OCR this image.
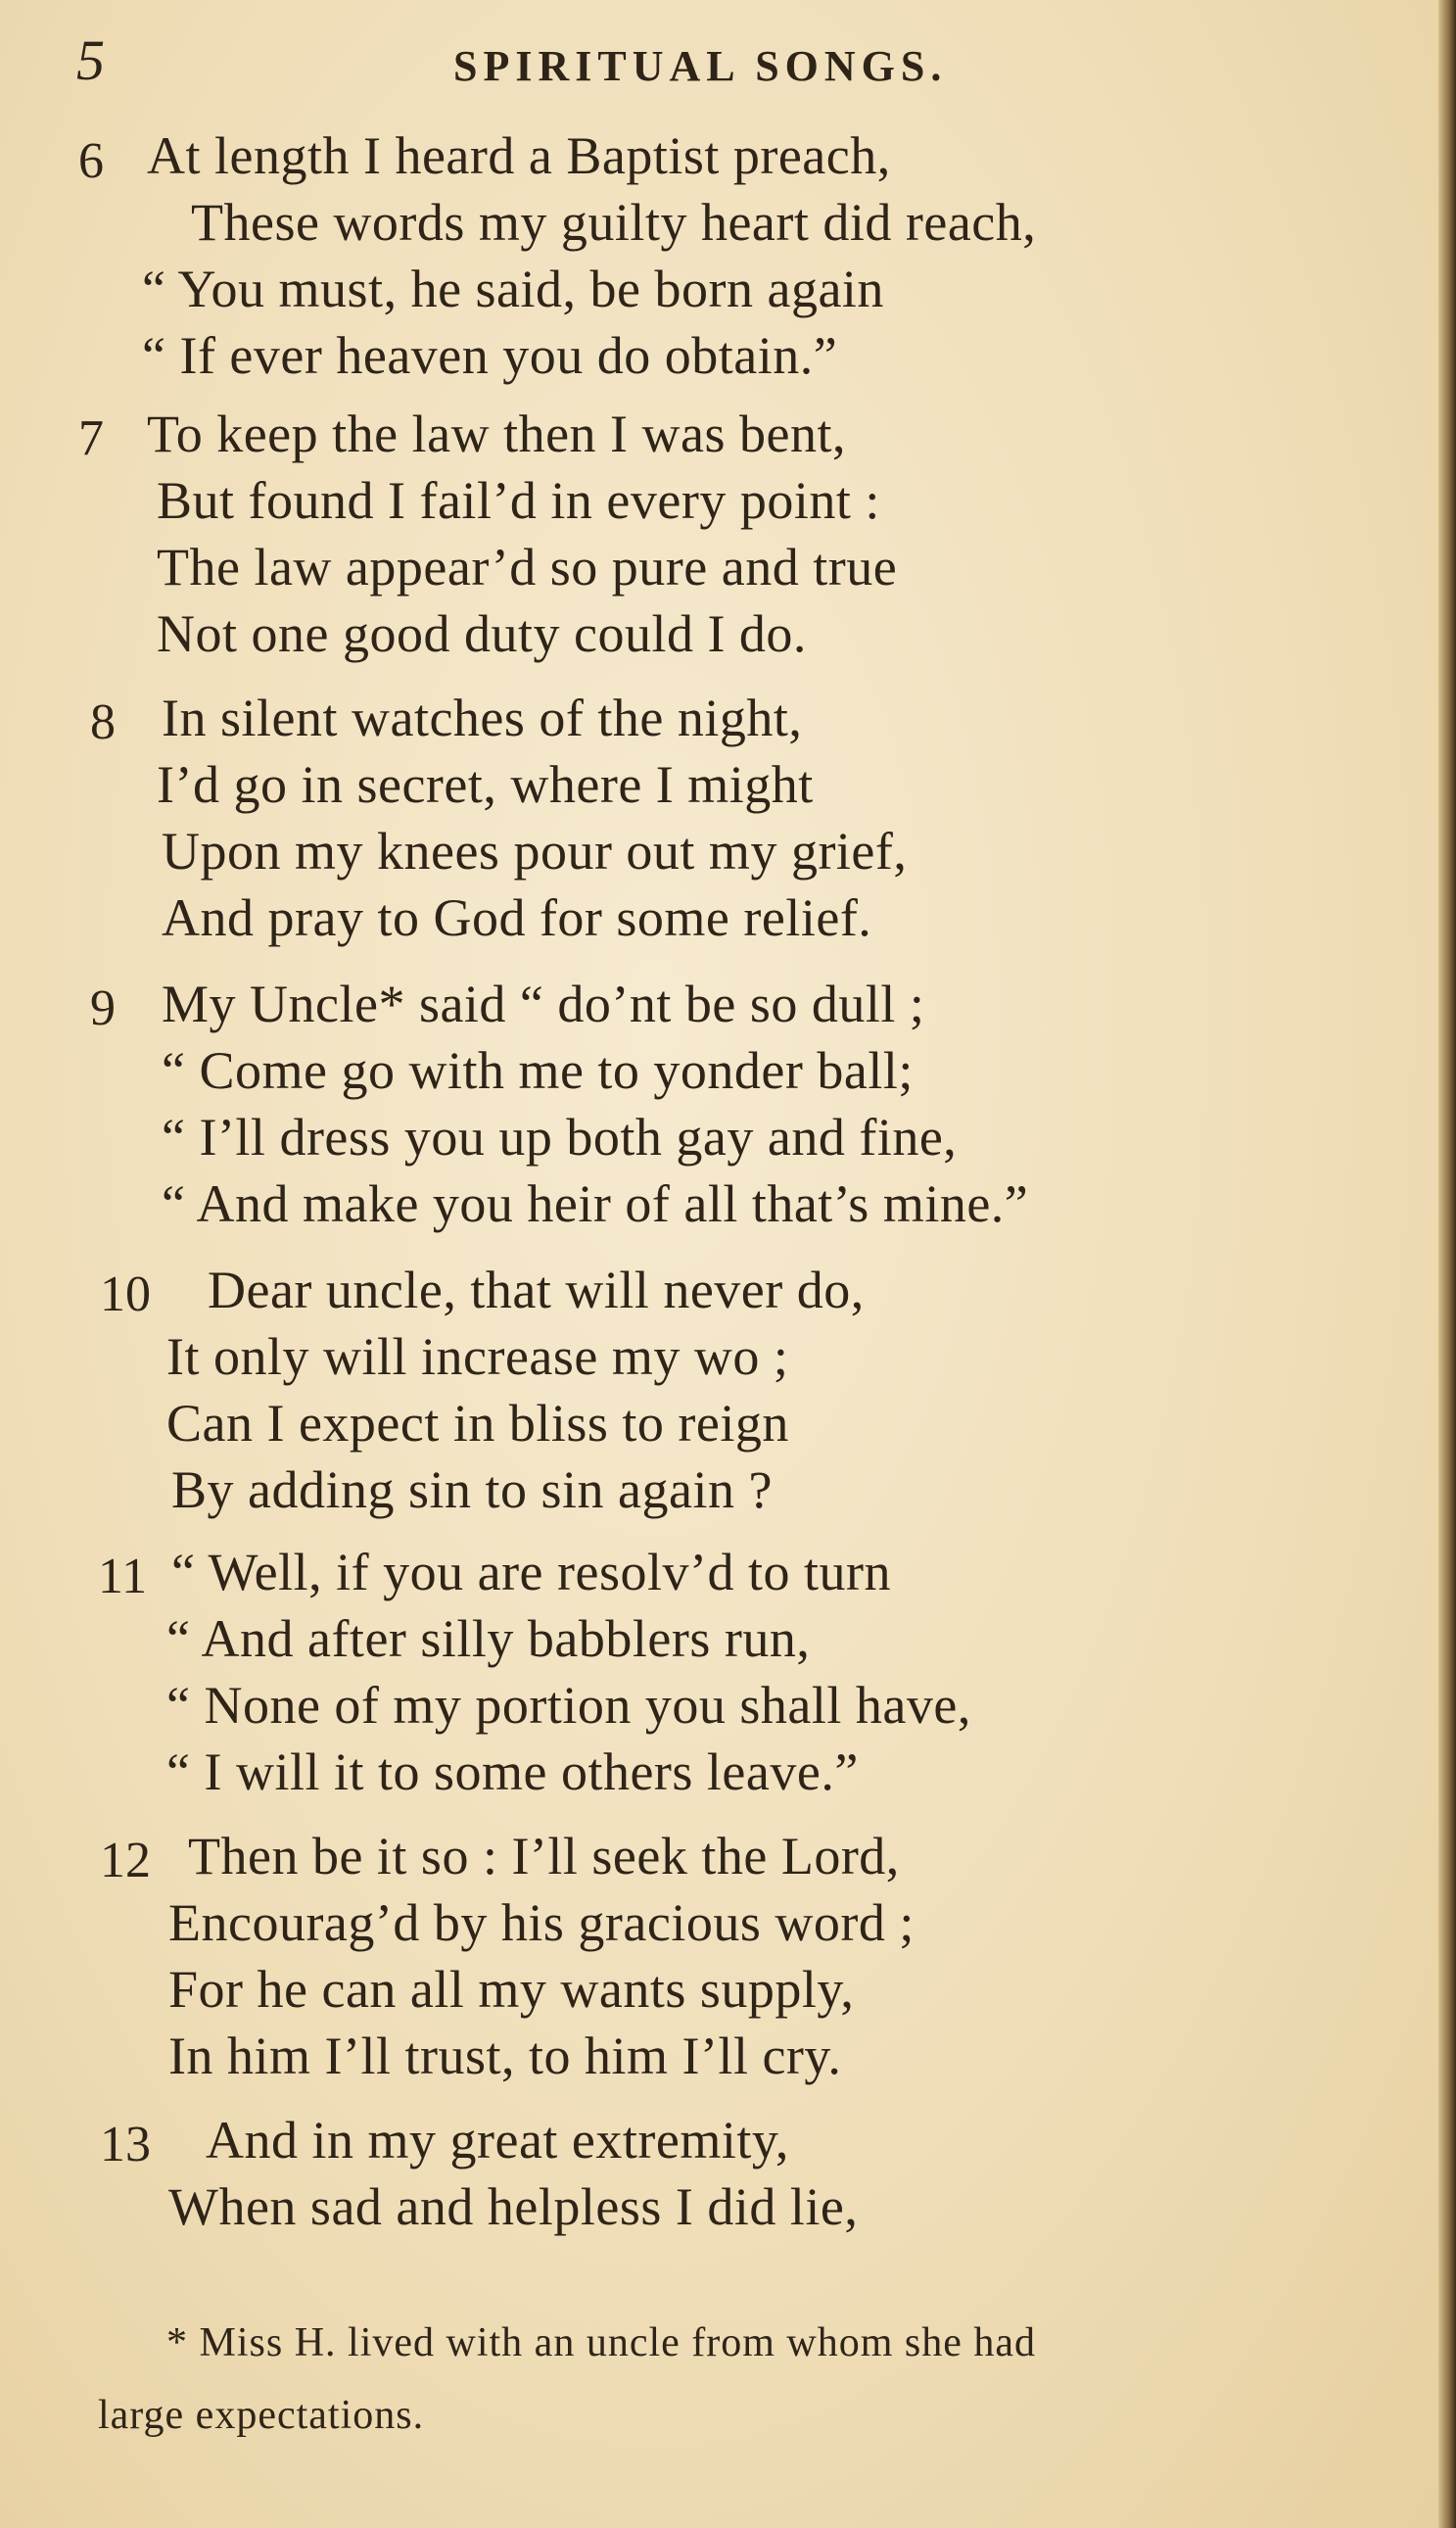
5	SPIRITUAL SONGS.
6 At length I heard a Baptist preach,
These words my guilty heart did reach,
“ You must, he said, be born again
“ If ever heaven you do obtain.”
7 To keep the law then I was bent,
But found I fail’d in every point :
The law appear’d so pure and true
Not one good duty could I do.
8 In silent watches of the night,
I’d go in secret, where I might
Upon my knees pour out my grief,
And pray to God for some relief.
9 My Uncle* said “ do’nt be so dull ;
“ Come go with me to yonder ball;
“ I’ll dress you up both gay and fine,
“ And make you heir of all that’s mine.”
10 Dear uncle, that will never do,
It only will increase my wo ;
Can I expect in bliss to reign
By adding sin to sin again ?
11 “ Well, if you are resolv’d to turn
“ And after silly babblers run,
“ None of my portion you shall have,
“ I will it to some others leave.”
12 Then be it so : I’ll seek the Lord,
Encourag’d by his gracious word ;
For he can all my wants supply,
In him I’ll trust, to him I’ll cry.
13 And in my great extremity,
When sad and helpless I did lie,
* Miss H. lived with an uncle from whom she had
large expectations.
